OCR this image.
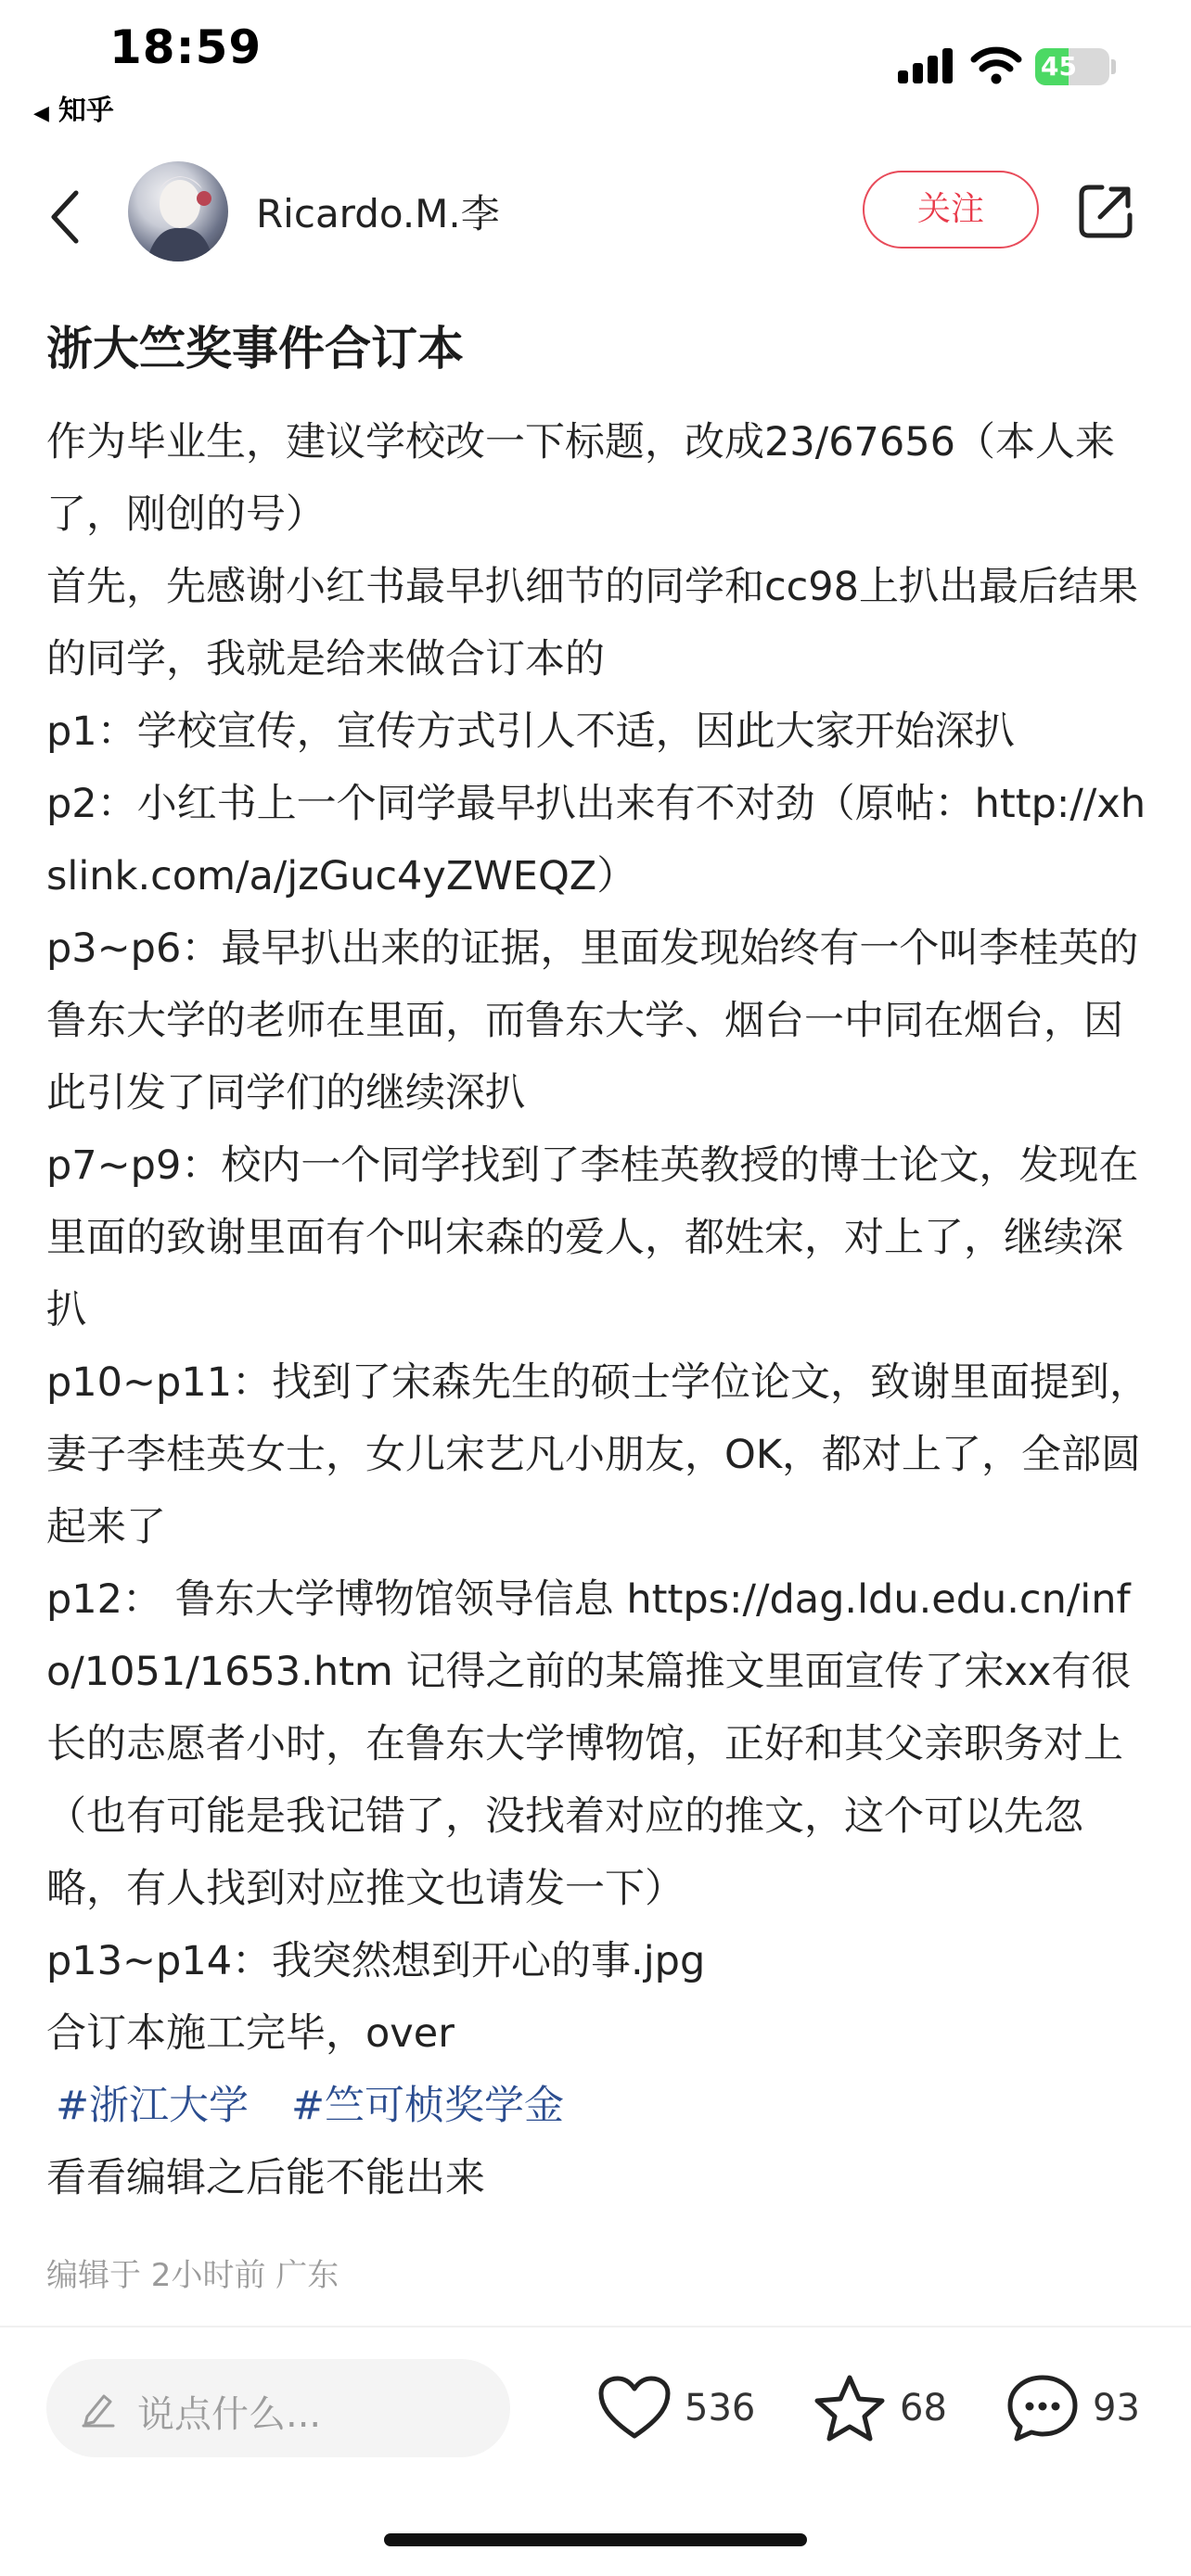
18:59
◀ 知乎
45
Ricardo.M.李	关注
浙大竺奖事件合订本
作为毕业生，建议学校改一下标题，改成23/67656（本人来了，刚创的号）
首先，先感谢小红书最早扒细节的同学和cc98上扒出最后结果的同学，我就是给来做合订本的
p1：学校宣传，宣传方式引人不适，因此大家开始深扒
p2：小红书上一个同学最早扒出来有不对劲（原帖：http://xhslink.com/a/jzGuc4yZWEQZ）
p3~p6：最早扒出来的证据，里面发现始终有一个叫李桂英的鲁东大学的老师在里面，而鲁东大学、烟台一中同在烟台，因此引发了同学们的继续深扒
p7~p9：校内一个同学找到了李桂英教授的博士论文，发现在里面的致谢里面有个叫宋森的爱人，都姓宋，对上了，继续深扒
p10~p11：找到了宋森先生的硕士学位论文，致谢里面提到，妻子李桂英女士，女儿宋艺凡小朋友，OK，都对上了，全部圆起来了
p12： 鲁东大学博物馆领导信息 https://dag.ldu.edu.cn/info/1051/1653.htm 记得之前的某篇推文里面宣传了宋xx有很长的志愿者小时，在鲁东大学博物馆，正好和其父亲职务对上（也有可能是我记错了，没找着对应的推文，这个可以先忽略，有人找到对应推文也请发一下）
p13~p14：我突然想到开心的事.jpg
合订本施工完毕，over
#浙江大学 #竺可桢奖学金
看看编辑之后能不能出来
编辑于 2小时前 广东
说点什么...	536	68	93
